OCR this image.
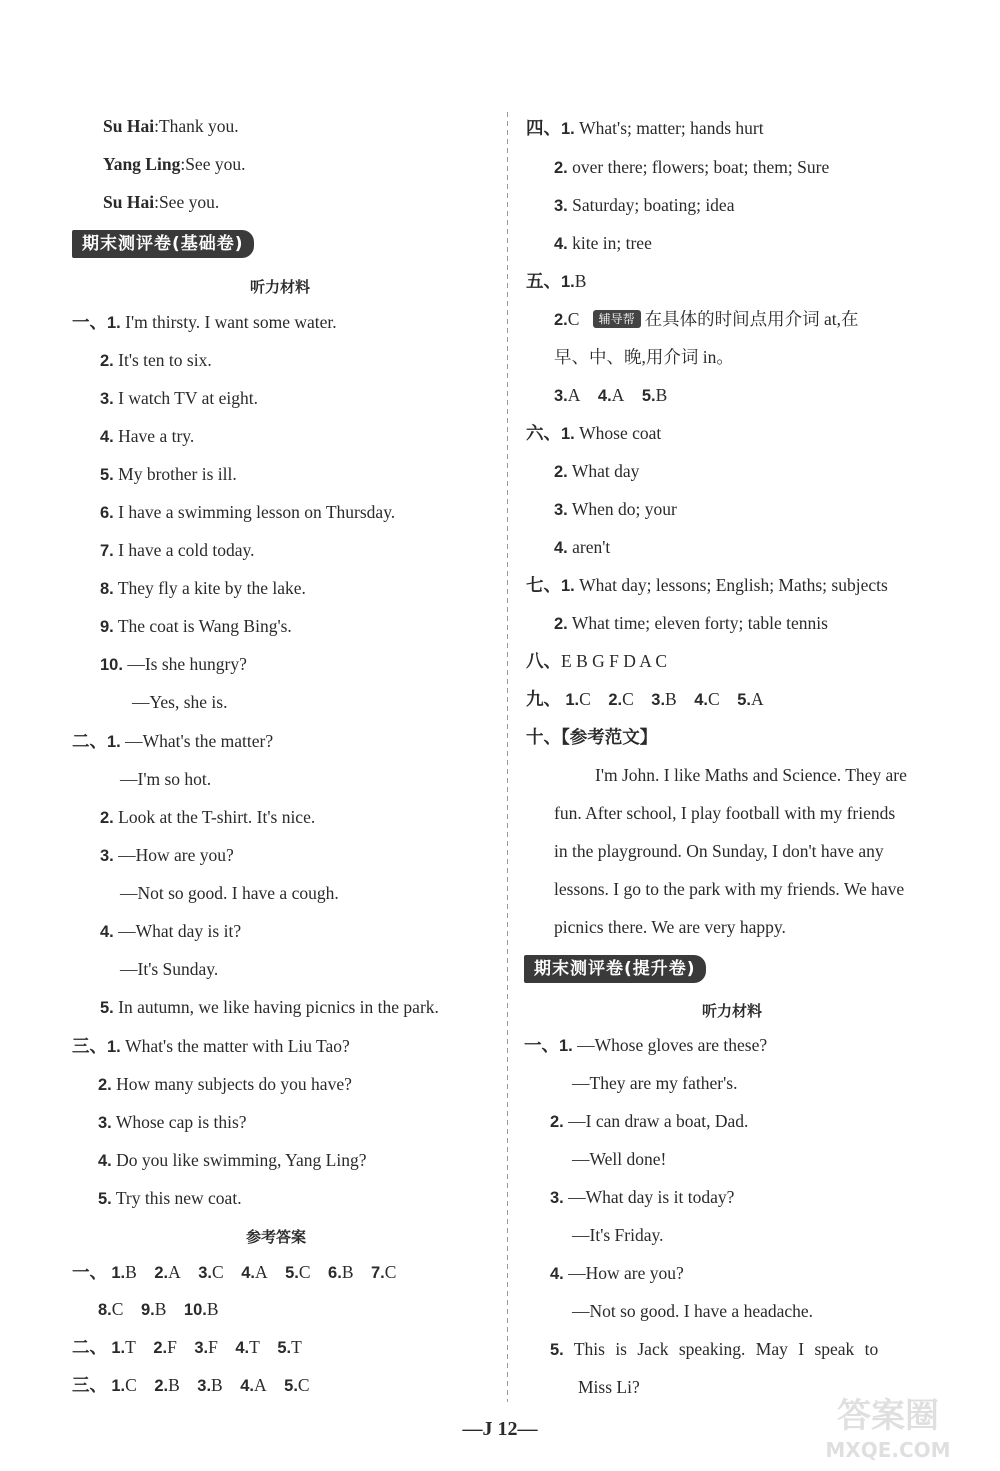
Su Hai:Thank you.
Yang Ling:See you.
Su Hai:See you.
期末测评卷(基础卷)
听力材料
一、1. I'm thirsty. I want some water.
2. It's ten to six.
3. I watch TV at eight.
4. Have a try.
5. My brother is ill.
6. I have a swimming lesson on Thursday.
7. I have a cold today.
8. They fly a kite by the lake.
9. The coat is Wang Bing's.
10. —Is she hungry?
—Yes, she is.
二、1. —What's the matter?
—I'm so hot.
2. Look at the T-shirt. It's nice.
3. —How are you?
—Not so good. I have a cough.
4. —What day is it?
—It's Sunday.
5. In autumn, we like having picnics in the park.
三、1. What's the matter with Liu Tao?
2. How many subjects do you have?
3. Whose cap is this?
4. Do you like swimming, Yang Ling?
5. Try this new coat.
参考答案
一、 1.B 2.A 3.C 4.A 5.C 6.B 7.C
8.C 9.B 10.B
二、 1.T 2.F 3.F 4.T 5.T
三、 1.C 2.B 3.B 4.A 5.C
四、1. What's; matter; hands hurt
2. over there; flowers; boat; them; Sure
3. Saturday; boating; idea
4. kite in; tree
五、1.B
2.C 辅导帮 在具体的时间点用介词 at,在
早、中、晚,用介词 in。
3.A 4.A 5.B
六、1. Whose coat
2. What day
3. When do; your
4. aren't
七、1. What day; lessons; English; Maths; subjects
2. What time; eleven forty; table tennis
八、E B G F D A C
九、 1.C 2.C 3.B 4.C 5.A
十、【参考范文】
I'm John. I like Maths and Science. They are
fun. After school, I play football with my friends
in the playground. On Sunday, I don't have any
lessons. I go to the park with my friends. We have
picnics there. We are very happy.
期末测评卷(提升卷)
听力材料
一、1. —Whose gloves are these?
—They are my father's.
2. —I can draw a boat, Dad.
—Well done!
3. —What day is it today?
—It's Friday.
4. —How are you?
—Not so good. I have a headache.
5. This is Jack speaking. May I speak to
Miss Li?
—J 12—	答案圈
MXQE.COM
